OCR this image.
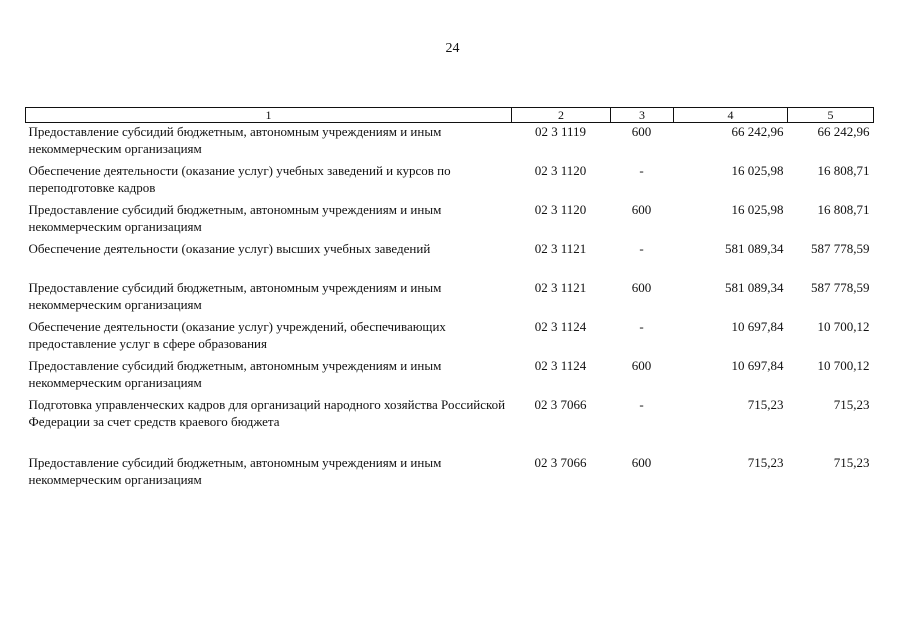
24
1	2	3	4	5
Предоставление субсидий бюджетным, автономным учреждениям и иным некоммерческим организациям	02 3 1119	600	66 242,96	66 242,96
Обеспечение деятельности (оказание услуг) учебных заведений и курсов по переподготовке кадров	02 3 1120	-	16 025,98	16 808,71
Предоставление субсидий бюджетным, автономным учреждениям и иным некоммерческим организациям	02 3 1120	600	16 025,98	16 808,71
Обеспечение деятельности (оказание услуг) высших учебных заведений	02 3 1121	-	581 089,34	587 778,59
Предоставление субсидий бюджетным, автономным учреждениям и иным некоммерческим организациям	02 3 1121	600	581 089,34	587 778,59
Обеспечение деятельности (оказание услуг) учреждений, обеспечивающих предоставление услуг в сфере образования	02 3 1124	-	10 697,84	10 700,12
Предоставление субсидий бюджетным, автономным учреждениям и иным некоммерческим организациям	02 3 1124	600	10 697,84	10 700,12
Подготовка управленческих кадров для организаций народного хозяйства Российской Федерации за счет средств краевого бюджета	02 3 7066	-	715,23	715,23
Предоставление субсидий бюджетным, автономным учреждениям и иным некоммерческим организациям	02 3 7066	600	715,23	715,23
